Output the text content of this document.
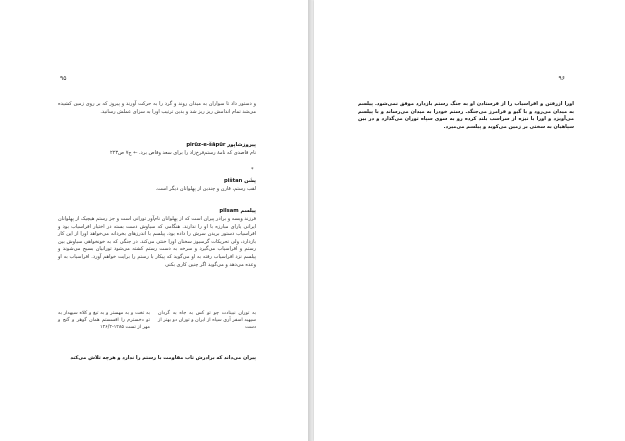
۹۵
و دستور داد تا سواران به میدان روند و گرد را به حرکت آورند و پیروز که بر روی زمین کشیده می‌شد تمام اندامش ریز ریز شد و بدین ترتیب اورا به سزای عملش رسانید.
پیروزشاپور pirūz-e-šāpūr
نام قاصدی که نامهٔ رستم‌فرخ‌زاد را برای سعد وقاص برد. ← ج۷ ص۲۲۳
*
پشَن pištan
لقب رستم، قارن و چندین از پهلوانان دیگر است.
پیلسم pilsam
فرزند ویسه و برادر پیران است که از پهلوانان نام‌آور تورانی است و جز رستم هیچیک از پهلوانان ایرانی یارای مبارزه با او را ندارند. هنگامی که سیاوش دست بسته در اختیار افراسیاب بود و افراسیاب دستور بریدن سرش را داده بود، پیلسم با اندرزهای بخردانه می‌خواهد اورا از این کار بازدارد، ولی تحریکات گرسیوز سخنان اورا خنثی می‌کند. در جنگی که به خونخواهی سیاوش بین رستم و افراسیاب می‌گیرد و سرخه به دست رستم کشته می‌شود تورانیان بسیج می‌شوند و پیلسم نزد افراسیاب رفته به او می‌گوید که پیکار با رستم را برایت خواهم آورد. افراسیاب به او وعده می‌دهد و می‌گوید اگر چنین کاری بکنی
به توران نبینادت چو تو کس به جاه به گردان سپهبد اسفر آری سپاه از ایران و توران دو بهتر از دست
به تخت و به مهستر و به تیغ و کلاه سپهدار به تو دخسترم را افسستم همان گوهر و گنج و مهر از تست ۱۲۸۵-۱۲۶/۲
پیران می‌داند که برادرش تاب مقاومت با رستم را ندارد و هرچه تلاش می‌کند
۹۶
اورا ازرفتن و افراسیاب را از فرستادن او به جنگ رستم بازدارد موفق نمی‌شود. پیلسم به میدان می‌رود و با گیو و فرامرز می‌جنگد. رستم خودرا به میدان می‌رساند و با پیلسم می‌آویزد و اورا با نیزه از سراسب بلند کرده رو به سوی سپاه توران می‌گذارد و در بین سپاهیان به سختی بر زمین می‌کوبد و پیلسم می‌میرد.
